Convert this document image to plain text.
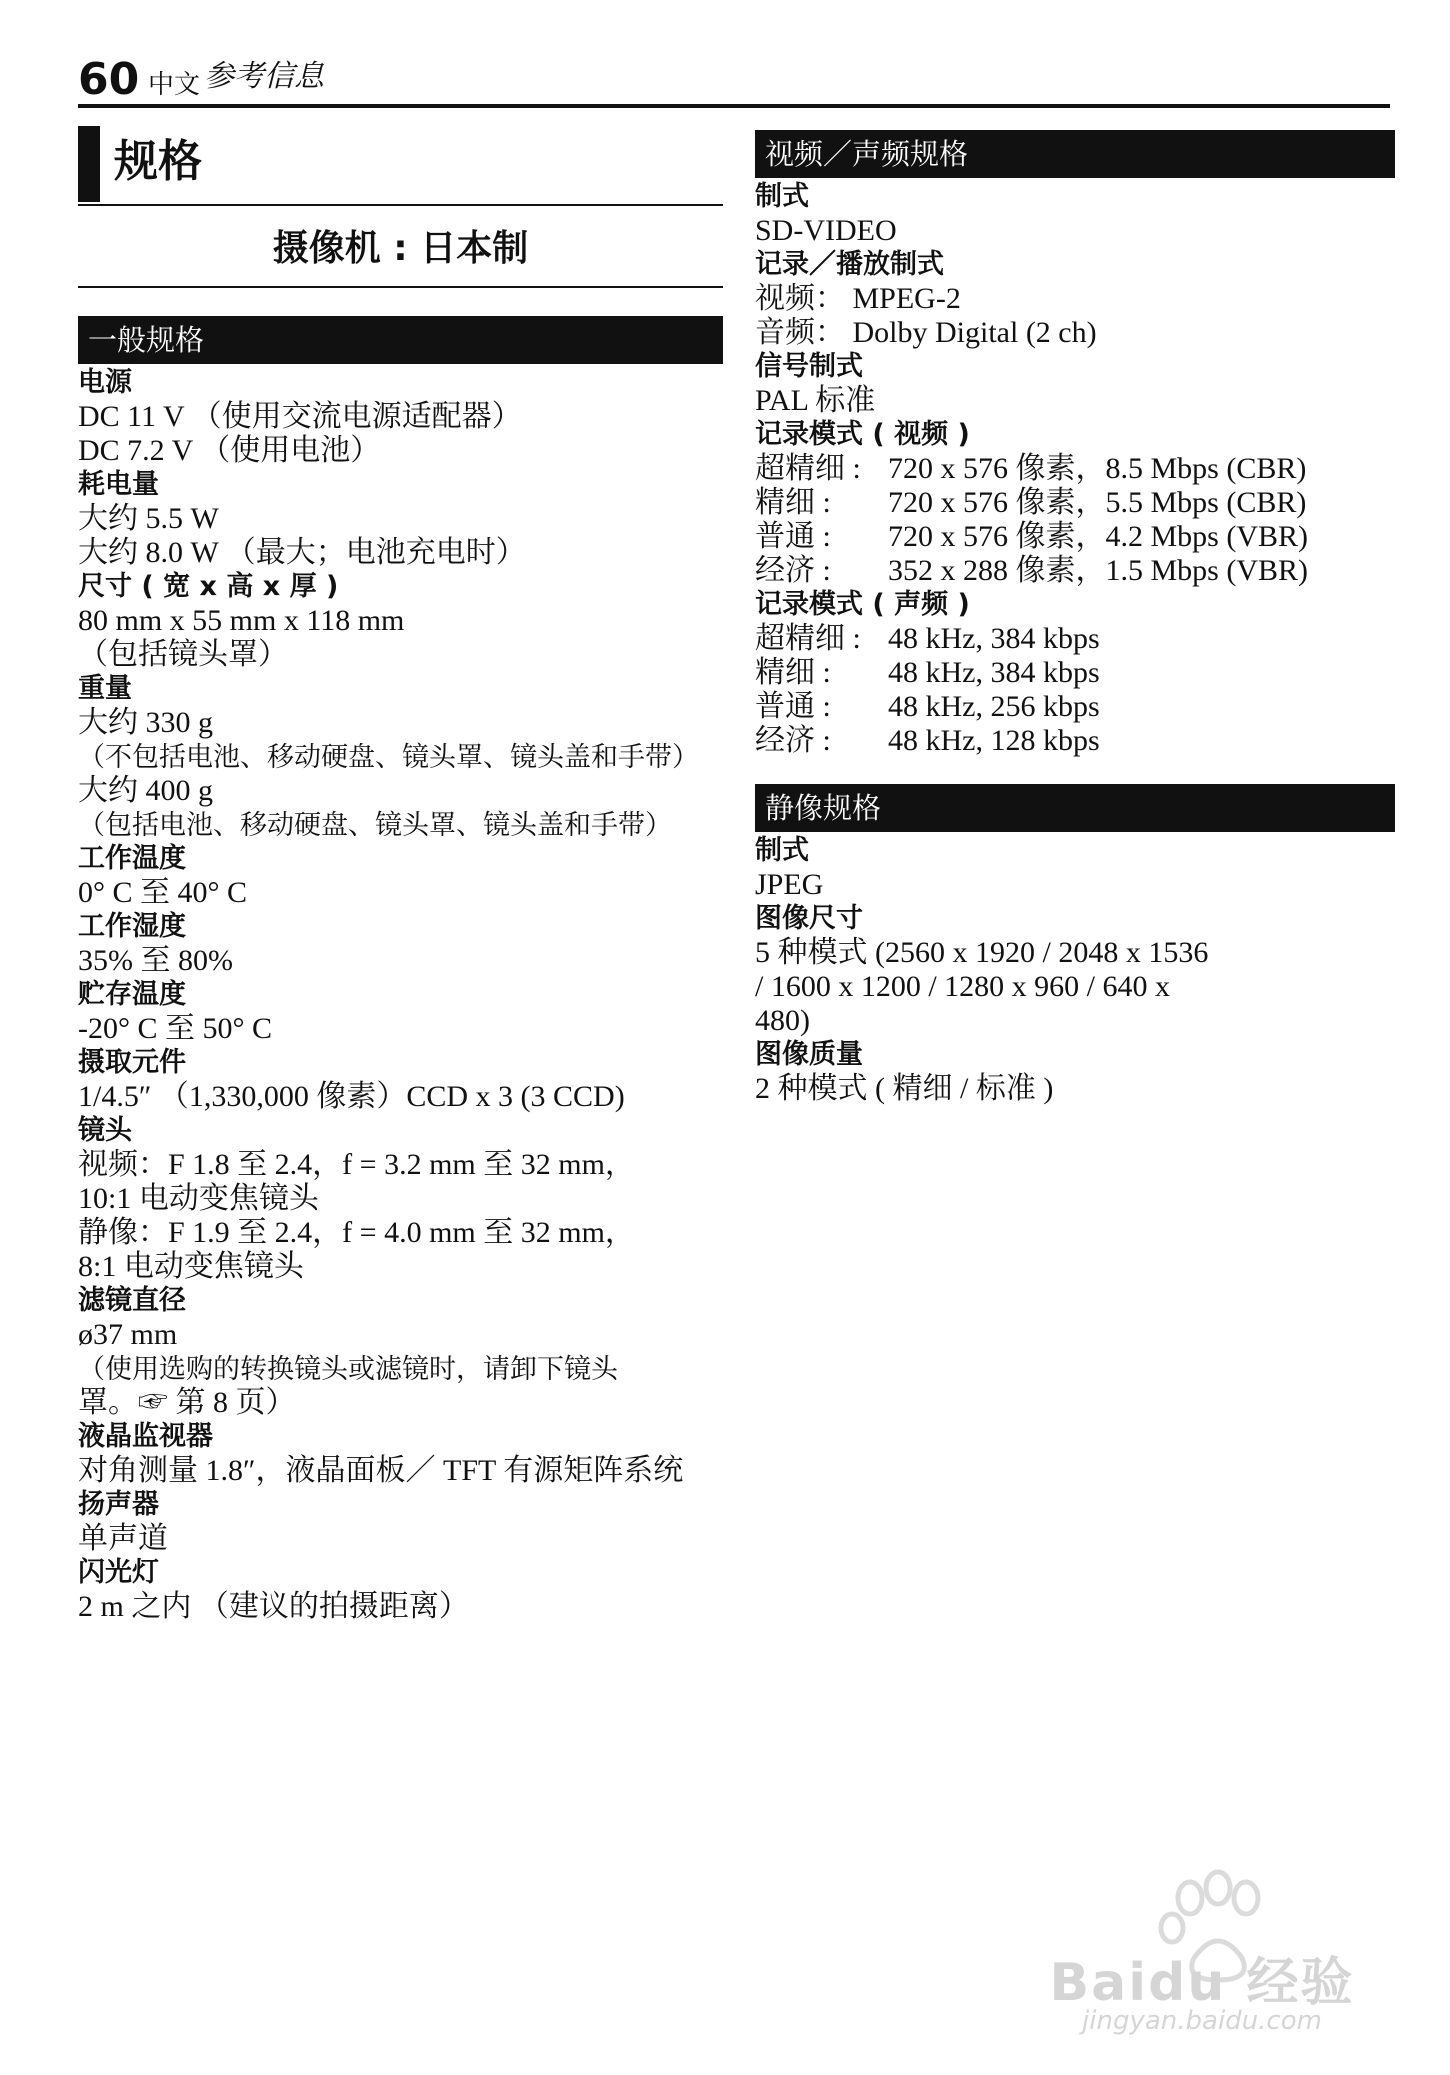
60 中文 参考信息
规格
摄像机 : 日本制
一般规格
电源
DC 11 V （使用交流电源适配器）
DC 7.2 V （使用电池）
耗电量
大约 5.5 W
大约 8.0 W （最大；电池充电时）
尺寸 ( 宽 x 高 x 厚 )
80 mm x 55 mm x 118 mm
（包括镜头罩）
重量
大约 330 g
（不包括电池、移动硬盘、镜头罩、镜头盖和手带）
大约 400 g
（包括电池、移动硬盘、镜头罩、镜头盖和手带）
工作温度
0° C 至 40° C
工作湿度
35% 至 80%
贮存温度
-20° C 至 50° C
摄取元件
1/4.5″ （1,330,000 像素）CCD x 3 (3 CCD)
镜头
视频：F 1.8 至 2.4，f = 3.2 mm 至 32 mm，
10:1 电动变焦镜头
静像：F 1.9 至 2.4，f = 4.0 mm 至 32 mm，
8:1 电动变焦镜头
滤镜直径
ø37 mm
（使用选购的转换镜头或滤镜时，请卸下镜头
罩。☞ 第 8 页）
液晶监视器
对角测量 1.8″，液晶面板／ TFT 有源矩阵系统
扬声器
单声道
闪光灯
2 m 之内 （建议的拍摄距离）
视频／声频规格
制式
SD-VIDEO
记录／播放制式
视频： MPEG-2
音频： Dolby Digital (2 ch)
信号制式
PAL 标准
记录模式 ( 视频 )
超精细 : 720 x 576 像素，8.5 Mbps (CBR)
精细 : 720 x 576 像素，5.5 Mbps (CBR)
普通 : 720 x 576 像素，4.2 Mbps (VBR)
经济 : 352 x 288 像素，1.5 Mbps (VBR)
记录模式 ( 声频 )
超精细 : 48 kHz, 384 kbps
精细 : 48 kHz, 384 kbps
普通 : 48 kHz, 256 kbps
经济 : 48 kHz, 128 kbps
静像规格
制式
JPEG
图像尺寸
5 种模式 (2560 x 1920 / 2048 x 1536
/ 1600 x 1200 / 1280 x 960 / 640 x
480)
图像质量
2 种模式 ( 精细 / 标准 )
Baidu 经验
jingyan.baidu.com
